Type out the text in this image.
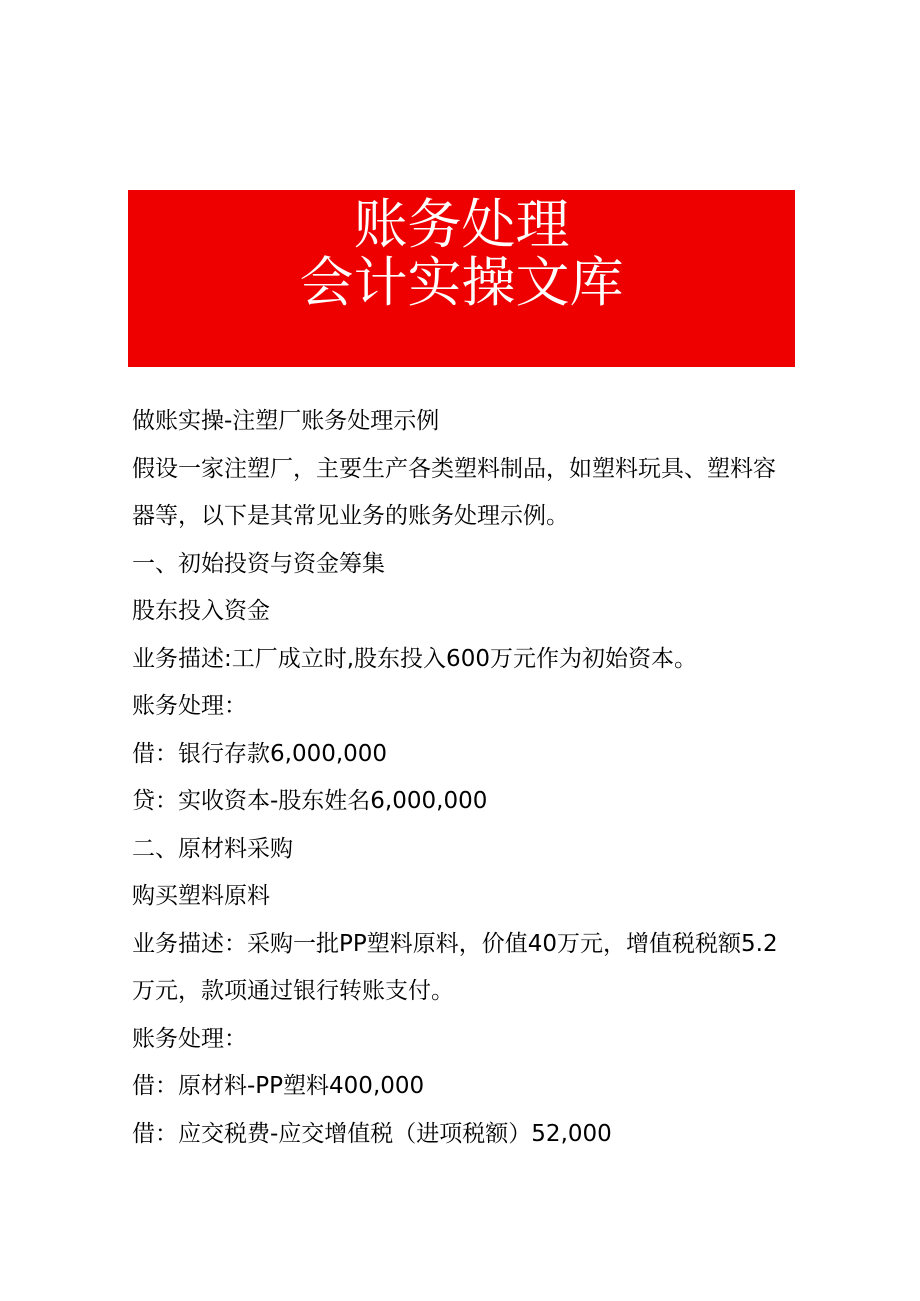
账务处理
会计实操文库

做账实操-注塑厂账务处理示例

假设一家注塑厂，主要生产各类塑料制品，如塑料玩具、塑料容

器等，以下是其常见业务的账务处理示例。

一、初始投资与资金筹集

股东投入资金

业务描述:工厂成立时,股东投入600万元作为初始资本。

账务处理：

借：银行存款6,000,000

贷：实收资本-股东姓名6,000,000

二、原材料采购

购买塑料原料

业务描述：采购一批PP塑料原料，价值40万元，增值税税额5.2

万元，款项通过银行转账支付。

账务处理：

借：原材料-PP塑料400,000

借：应交税费-应交增值税（进项税额）52,000
